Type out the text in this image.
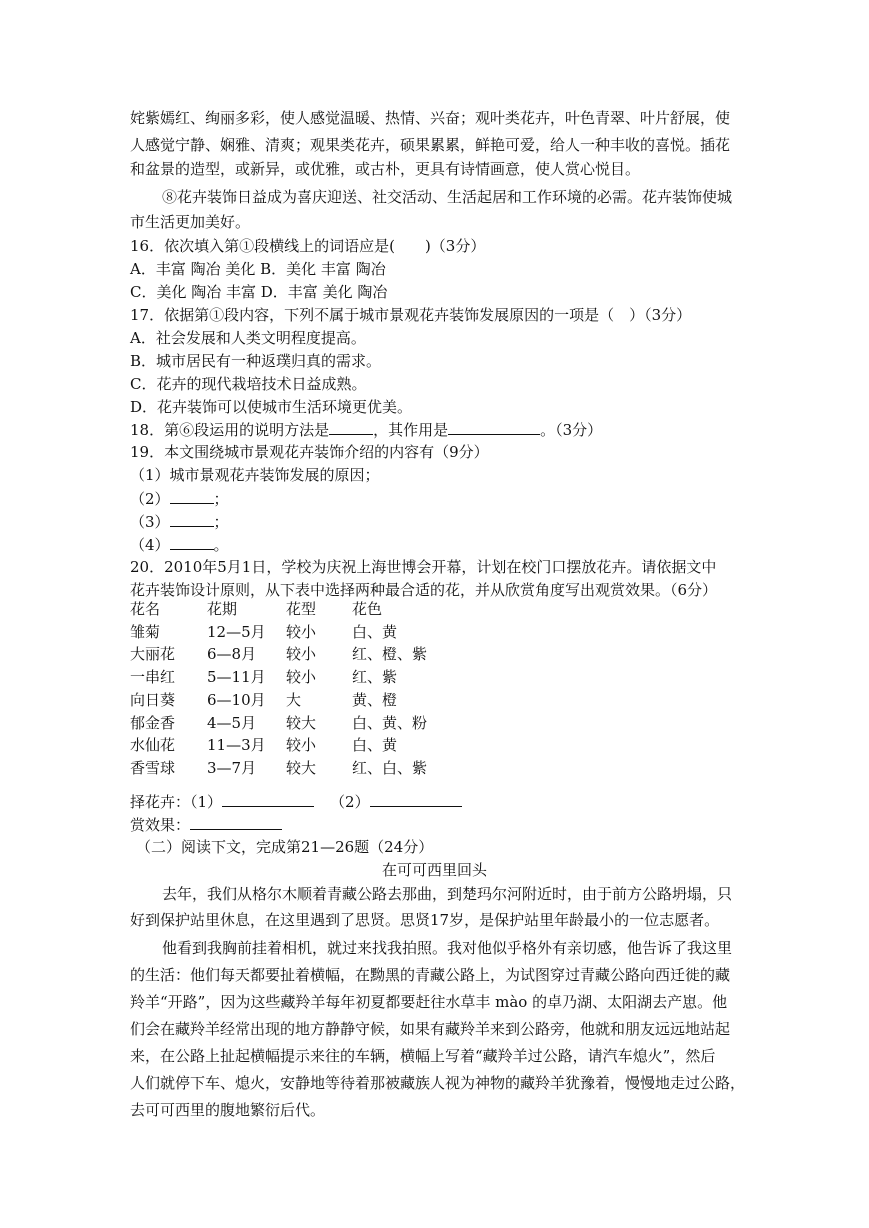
姹紫嫣红、绚丽多彩，使人感觉温暖、热情、兴奋；观叶类花卉，叶色青翠、叶片舒展，使
人感觉宁静、娴雅、清爽；观果类花卉，硕果累累，鲜艳可爱，给人一种丰收的喜悦。插花
和盆景的造型，或新异，或优雅，或古朴，更具有诗情画意，使人赏心悦目。
⑧花卉装饰日益成为喜庆迎送、社交活动、生活起居和工作环境的必需。花卉装饰使城
市生活更加美好。
16．依次填入第①段横线上的词语应是(　　)（3分）
A．丰富 陶冶 美化 B．美化 丰富 陶冶
C．美化 陶冶 丰富 D．丰富 美化 陶冶
17．依据第①段内容，下列不属于城市景观花卉装饰发展原因的一项是（　）（3分）
A．社会发展和人类文明程度提高。
B．城市居民有一种返璞归真的需求。
C．花卉的现代栽培技术日益成熟。
D．花卉装饰可以使城市生活环境更优美。
18．第⑥段运用的说明方法是	，其作用是	。（3分）
19．本文围绕城市景观花卉装饰介绍的内容有（9分）
（1）城市景观花卉装饰发展的原因；
（2）	；
（3）	；
（4）	。
20．2010年5月1日，学校为庆祝上海世博会开幕，计划在校门口摆放花卉。请依据文中
花卉装饰设计原则，从下表中选择两种最合适的花，并从欣赏角度写出观赏效果。（6分）
花名	花期	花型	花色
雏菊	12—5月	较小	白、黄
大丽花	6—8月	较小	红、橙、紫
一串红	5—11月	较小	红、紫
向日葵	6—10月	大	黄、橙
郁金香	4—5月	较大	白、黄、粉
水仙花	11—3月	较小	白、黄
香雪球	3—7月	较大	红、白、紫
择花卉：（1）	（2）
赏效果：
（二）阅读下文，完成第21—26题（24分）
在可可西里回头
去年，我们从格尔木顺着青藏公路去那曲，到楚玛尔河附近时，由于前方公路坍塌，只
好到保护站里休息，在这里遇到了思贤。思贤17岁，是保护站里年龄最小的一位志愿者。
他看到我胸前挂着相机，就过来找我拍照。我对他似乎格外有亲切感，他告诉了我这里
的生活：他们每天都要扯着横幅，在黝黑的青藏公路上，为试图穿过青藏公路向西迁徙的藏
羚羊“开路”，因为这些藏羚羊每年初夏都要赶往水草丰 mào 的卓乃湖、太阳湖去产崽。他
们会在藏羚羊经常出现的地方静静守候，如果有藏羚羊来到公路旁，他就和朋友远远地站起
来，在公路上扯起横幅提示来往的车辆，横幅上写着“藏羚羊过公路，请汽车熄火”，然后
人们就停下车、熄火，安静地等待着那被藏族人视为神物的藏羚羊犹豫着，慢慢地走过公路，
去可可西里的腹地繁衍后代。
